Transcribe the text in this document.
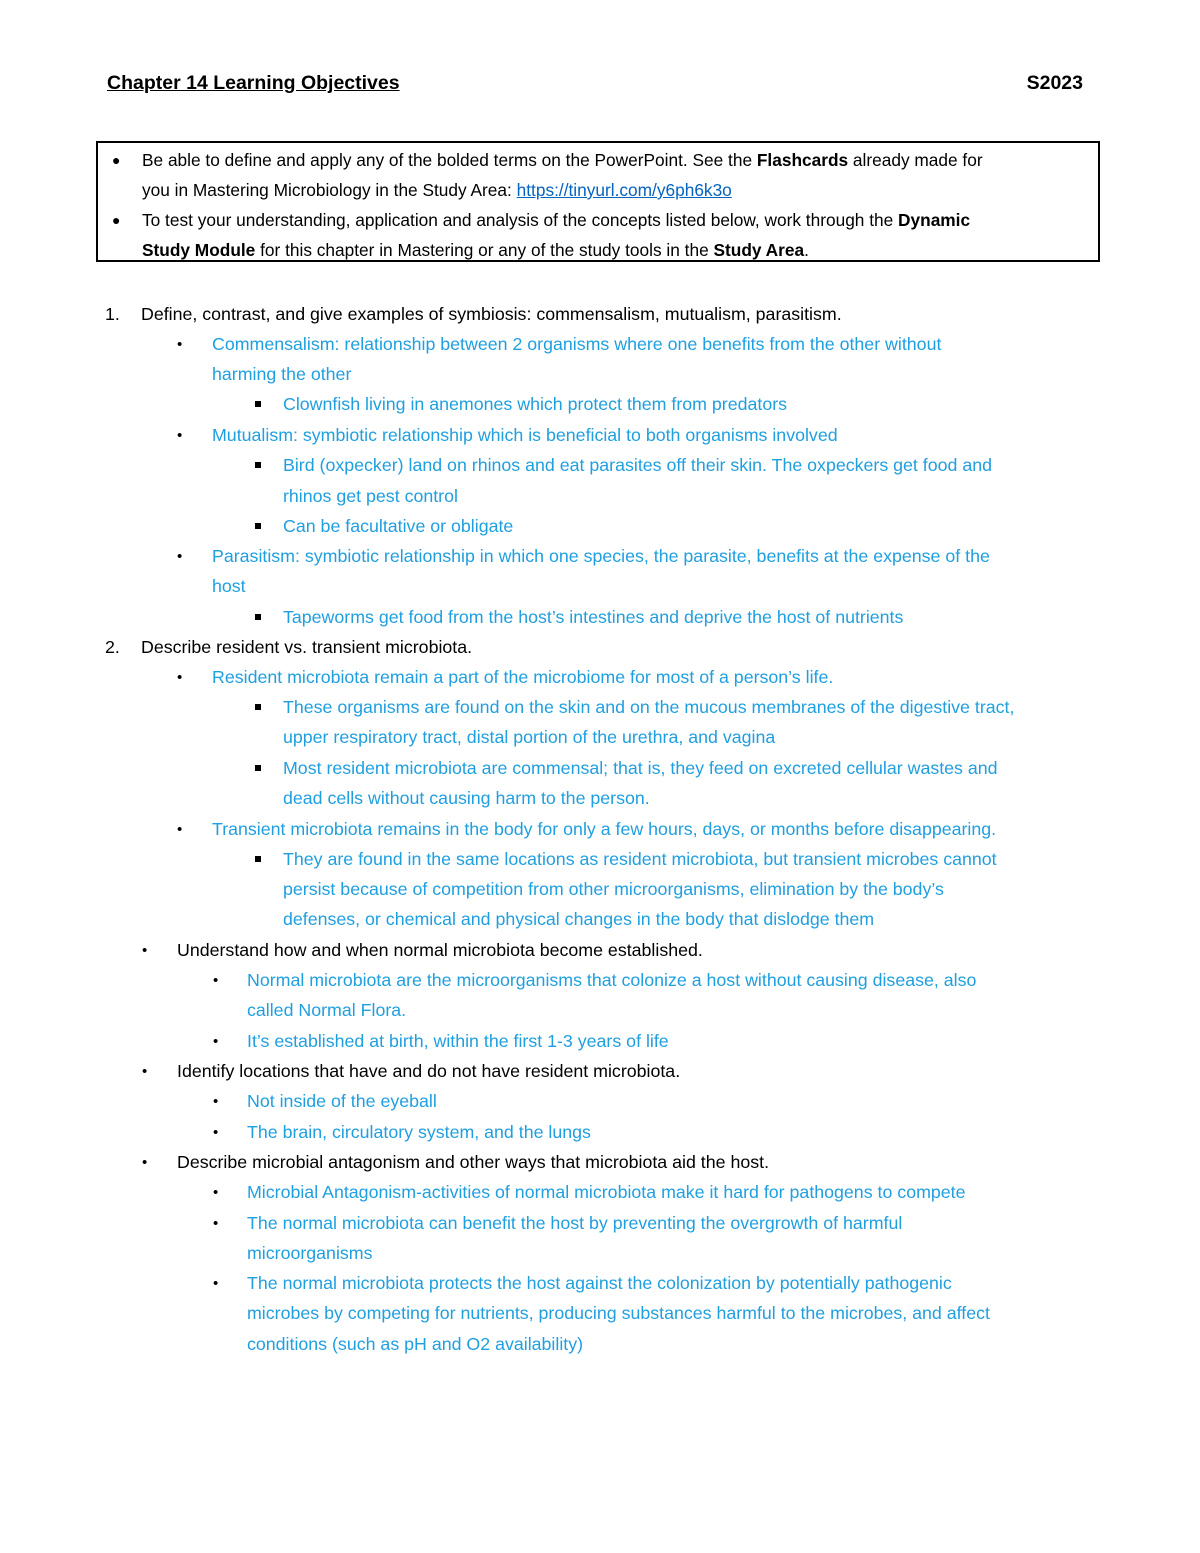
Chapter 14 Learning Objectives	S2023
● Be able to define and apply any of the bolded terms on the PowerPoint. See the Flashcards already made for
you in Mastering Microbiology in the Study Area: https://tinyurl.com/y6ph6k3o
● To test your understanding, application and analysis of the concepts listed below, work through the Dynamic
Study Module for this chapter in Mastering or any of the study tools in the Study Area.
1. Define, contrast, and give examples of symbiosis: commensalism, mutualism, parasitism.
• Commensalism: relationship between 2 organisms where one benefits from the other without
harming the other
Clownfish living in anemones which protect them from predators
• Mutualism: symbiotic relationship which is beneficial to both organisms involved
Bird (oxpecker) land on rhinos and eat parasites off their skin. The oxpeckers get food and
rhinos get pest control
Can be facultative or obligate
• Parasitism: symbiotic relationship in which one species, the parasite, benefits at the expense of the
host
Tapeworms get food from the host’s intestines and deprive the host of nutrients
2. Describe resident vs. transient microbiota.
• Resident microbiota remain a part of the microbiome for most of a person’s life.
These organisms are found on the skin and on the mucous membranes of the digestive tract,
upper respiratory tract, distal portion of the urethra, and vagina
Most resident microbiota are commensal; that is, they feed on excreted cellular wastes and
dead cells without causing harm to the person.
• Transient microbiota remains in the body for only a few hours, days, or months before disappearing.
They are found in the same locations as resident microbiota, but transient microbes cannot
persist because of competition from other microorganisms, elimination by the body’s
defenses, or chemical and physical changes in the body that dislodge them
• Understand how and when normal microbiota become established.
• Normal microbiota are the microorganisms that colonize a host without causing disease, also
called Normal Flora.
• It’s established at birth, within the first 1-3 years of life
• Identify locations that have and do not have resident microbiota.
• Not inside of the eyeball
• The brain, circulatory system, and the lungs
• Describe microbial antagonism and other ways that microbiota aid the host.
• Microbial Antagonism-activities of normal microbiota make it hard for pathogens to compete
• The normal microbiota can benefit the host by preventing the overgrowth of harmful
microorganisms
• The normal microbiota protects the host against the colonization by potentially pathogenic
microbes by competing for nutrients, producing substances harmful to the microbes, and affect
conditions (such as pH and O2 availability)
